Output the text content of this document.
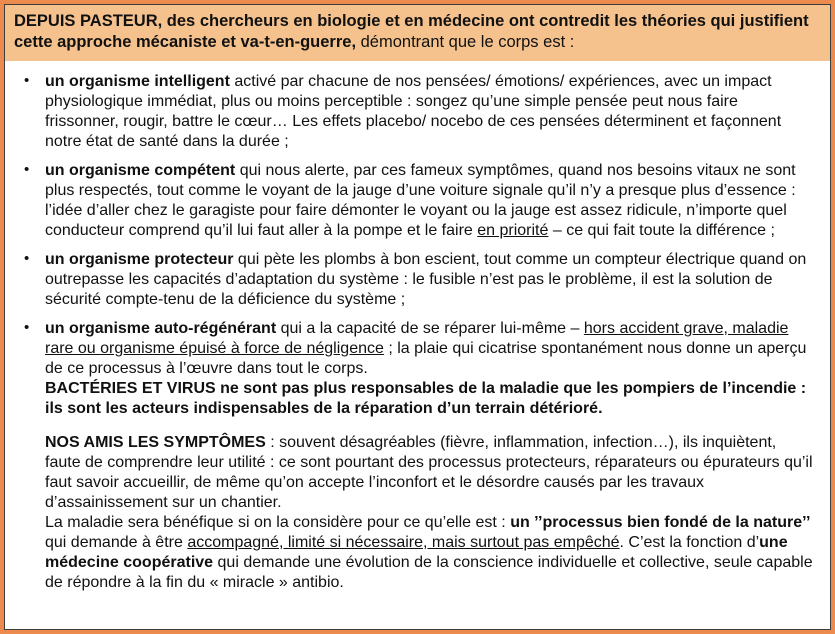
DEPUIS PASTEUR, des chercheurs en biologie et en médecine ont contredit les théories qui justifient cette approche mécaniste et va-t-en-guerre, démontrant que le corps est :

• un organisme intelligent activé par chacune de nos pensées/ émotions/ expériences, avec un impact physiologique immédiat, plus ou moins perceptible : songez qu’une simple pensée peut nous faire frissonner, rougir, battre le cœur… Les effets placebo/ nocebo de ces pensées déterminent et façonnent notre état de santé dans la durée ;

• un organisme compétent qui nous alerte, par ces fameux symptômes, quand nos besoins vitaux ne sont plus respectés, tout comme le voyant de la jauge d’une voiture signale qu’il n’y a presque plus d’essence : l’idée d’aller chez le garagiste pour faire démonter le voyant ou la jauge est assez ridicule, n’importe quel conducteur comprend qu’il lui faut aller à la pompe et le faire en priorité – ce qui fait toute la différence ;

• un organisme protecteur qui pète les plombs à bon escient, tout comme un compteur électrique quand on outrepasse les capacités d’adaptation du système : le fusible n’est pas le problème, il est la solution de sécurité compte-tenu de la déficience du système ;

• un organisme auto-régénérant qui a la capacité de se réparer lui-même – hors accident grave, maladie rare ou organisme épuisé à force de négligence ; la plaie qui cicatrise spontanément nous donne un aperçu de ce processus à l’œuvre dans tout le corps.
BACTÉRIES ET VIRUS ne sont pas plus responsables de la maladie que les pompiers de l’incendie : ils sont les acteurs indispensables de la réparation d’un terrain détérioré.

NOS AMIS LES SYMPTÔMES : souvent désagréables (fièvre, inflammation, infection…), ils inquiètent, faute de comprendre leur utilité : ce sont pourtant des processus protecteurs, réparateurs ou épurateurs qu’il faut savoir accueillir, de même qu’on accepte l’inconfort et le désordre causés par les travaux d’assainissement sur un chantier.

La maladie sera bénéfique si on la considère pour ce qu’elle est : un ’’processus bien fondé de la nature’’ qui demande à être accompagné, limité si nécessaire, mais surtout pas empêché. C’est la fonction d’une médecine coopérative qui demande une évolution de la conscience individuelle et collective, seule capable de répondre à la fin du « miracle » antibio.
